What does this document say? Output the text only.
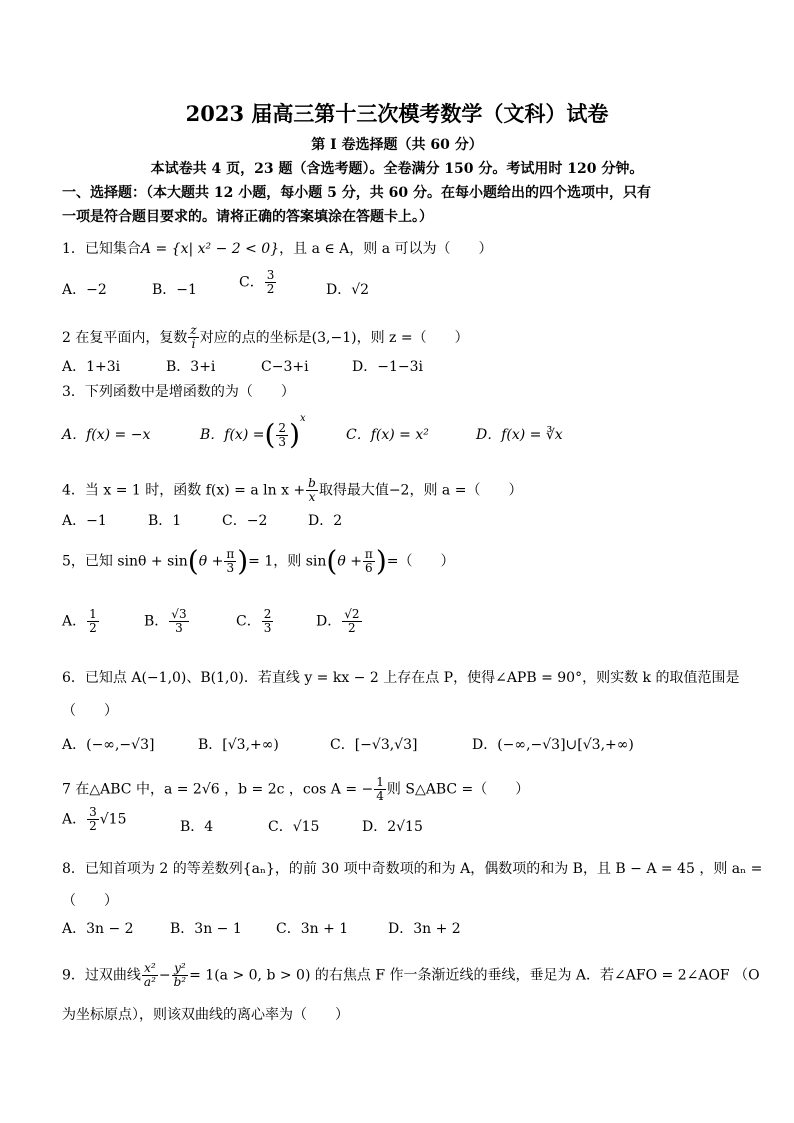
2023 届高三第十三次模考数学（文科）试卷
第 I 卷选择题（共 60 分）
本试卷共 4 页，23 题（含选考题）。全卷满分 150 分。考试用时 120 分钟。
一、选择题：（本大题共 12 小题，每小题 5 分，共 60 分。在每小题给出的四个选项中，只有
一项是符合题目要求的。请将正确的答案填涂在答题卡上。）
1．已知集合A = {x| x² − 2 < 0}，且 a ∈ A，则 a 可以为（　　）
A．−2	B．−1	C． $\frac{3}{2}$	D．√2
2 在复平面内，复数 $\frac{z}{i}$ 对应的点的坐标是(3,−1)，则 z =（　　）
A．1+3i	B．3+i	C−3+i	D．−1−3i
3．下列函数中是增函数的为（　　）
A．f(x) = −x	B．f(x) =( $\frac{2}{3} )^x$
C．f(x) = x²	D．f(x) = ∛x
4．当 x = 1 时，函数 f(x) = a $\ln x + \frac{b}{x}$ 取得最大值−2，则 a =（　　）
A．−1	B．1	C．−2	D．2
5，已知 $\sin\theta + \sin(\theta + \frac{\pi}{3}$ )= 1，则 $\sin(\theta + \frac{\pi}{6}$ )=（　　）
A． $\frac{1}{2}$	B． $\frac{√3}{3}$	C． $\frac{2}{3}$	D． $\frac{√2}{2}$
6．已知点 A(−1,0)、B(1,0)．若直线 y = kx − 2 上存在点 P，使得∠APB = 90°，则实数 k 的取值范围是
（　　）
A．(−∞,−√3]	B．[√3,+∞)	C．[−√3,√3]	D．(−∞,−√3]∪[√3,+∞)
7 在△ABC 中，a = 2√6 ，b = 2c ，cos A = − $\frac{1}{4}$ 则 S△ABC =（　　）
A． $\frac{3}{2} √15$	B．4	C．√15	D．2√15
8．已知首项为 2 的等差数列{aₙ}，的前 30 项中奇数项的和为 A，偶数项的和为 B，且 B − A = 45 ，则 aₙ =
（　　）
A．3n − 2	B．3n − 1 C．3n + 1	D．3n + 2
9．过双曲线 $\frac{\text{x²}}{\text{a²}} - \frac{\text{y²}}{\text{b²}} = 1(a > 0$, b > 0) 的右焦点 F 作一条渐近线的垂线，垂足为 A．若∠AFO = 2∠AOF （O
为坐标原点），则该双曲线的离心率为（　　）
